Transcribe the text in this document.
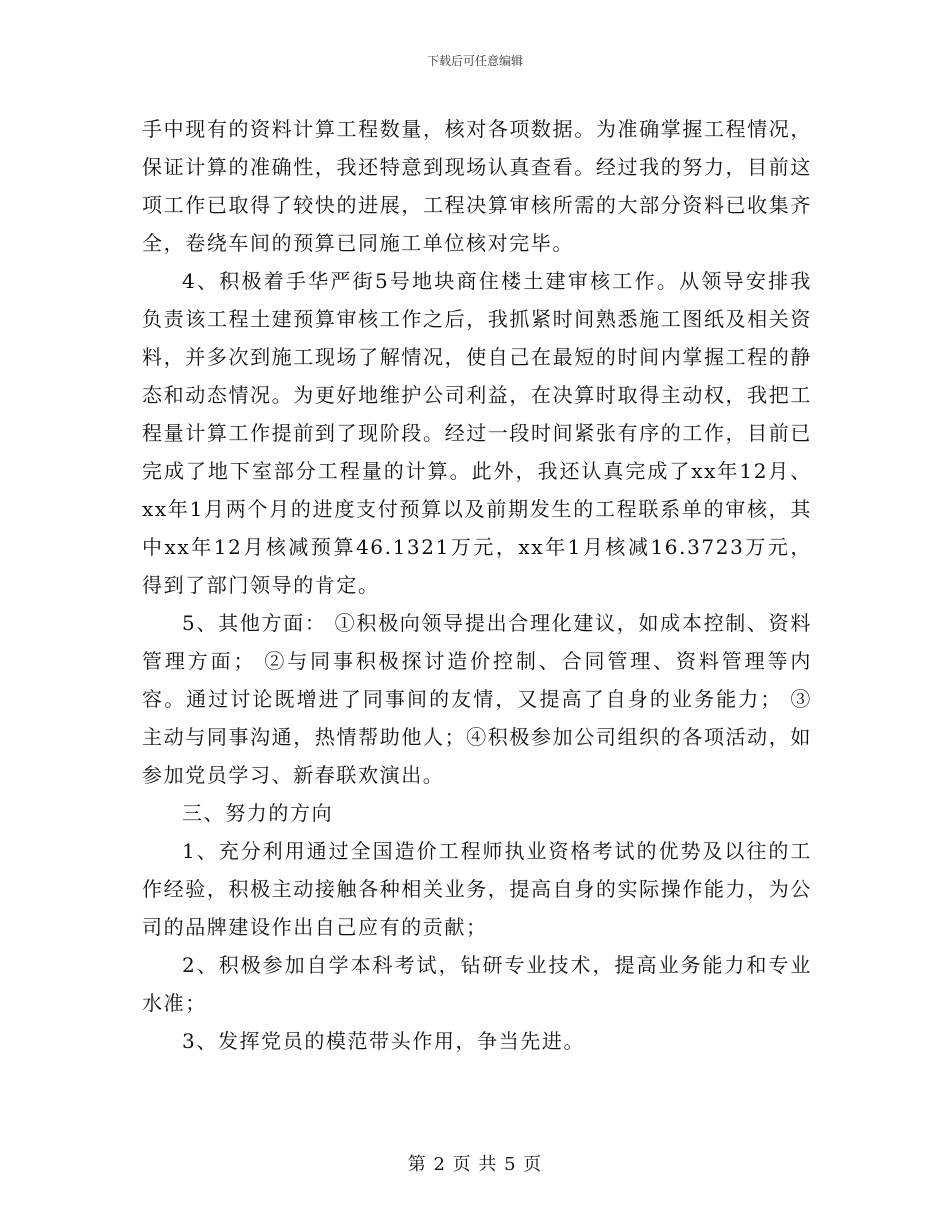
下载后可任意编辑

手中现有的资料计算工程数量，核对各项数据。为准确掌握工程情况，保证计算的准确性，我还特意到现场认真查看。经过我的努力，目前这项工作已取得了较快的进展，工程决算审核所需的大部分资料已收集齐全，卷绕车间的预算已同施工单位核对完毕。

4、积极着手华严街5号地块商住楼土建审核工作。从领导安排我负责该工程土建预算审核工作之后，我抓紧时间熟悉施工图纸及相关资料，并多次到施工现场了解情况，使自己在最短的时间内掌握工程的静态和动态情况。为更好地维护公司利益，在决算时取得主动权，我把工程量计算工作提前到了现阶段。经过一段时间紧张有序的工作，目前已完成了地下室部分工程量的计算。此外，我还认真完成了xx年12月、xx年1月两个月的进度支付预算以及前期发生的工程联系单的审核，其中xx年12月核减预算46.1321万元，xx年1月核减16.3723万元，得到了部门领导的肯定。

5、其他方面： ①积极向领导提出合理化建议，如成本控制、资料管理方面； ②与同事积极探讨造价控制、合同管理、资料管理等内容。通过讨论既增进了同事间的友情，又提高了自身的业务能力； ③主动与同事沟通，热情帮助他人；④积极参加公司组织的各项活动，如参加党员学习、新春联欢演出。

三、努力的方向

1、充分利用通过全国造价工程师执业资格考试的优势及以往的工作经验，积极主动接触各种相关业务，提高自身的实际操作能力，为公司的品牌建设作出自己应有的贡献；

2、积极参加自学本科考试，钻研专业技术，提高业务能力和专业水准；

3、发挥党员的模范带头作用，争当先进。

第 2 页 共 5 页
